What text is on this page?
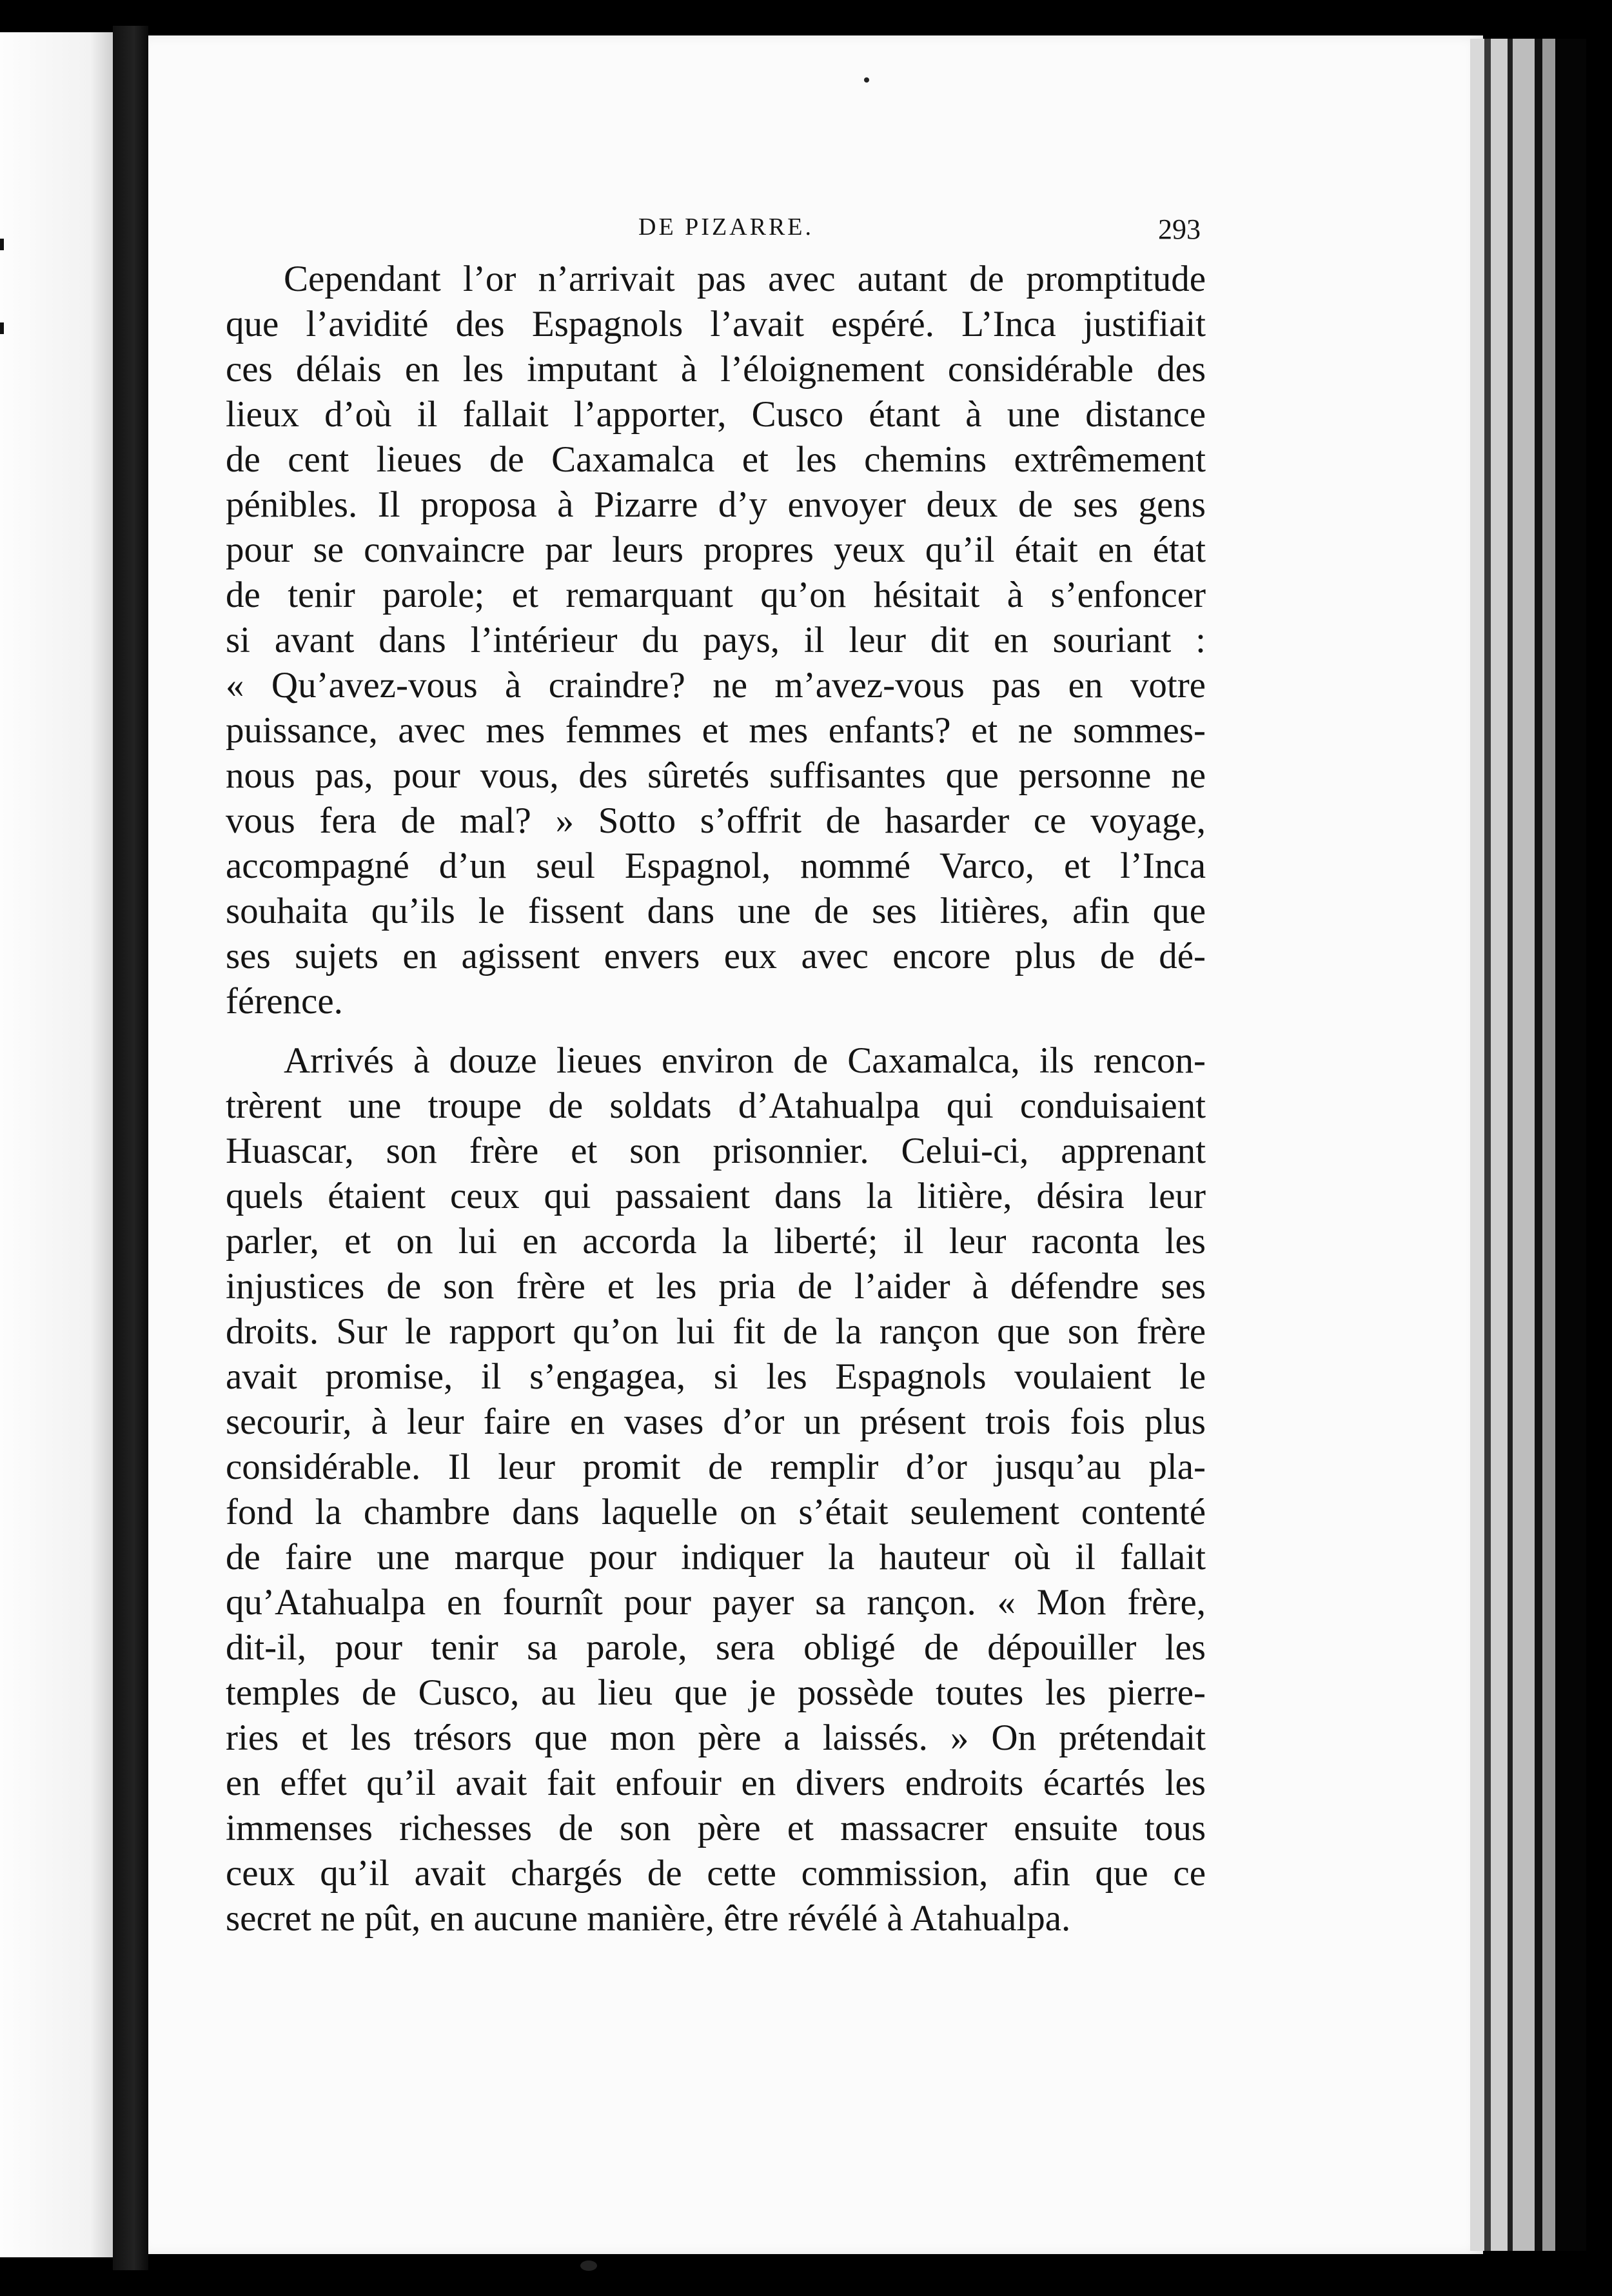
DE PIZARRE.	293
Cependant l’or n’arrivait pas avec autant de promptitude
que l’avidité des Espagnols l’avait espéré. L’Inca justifiait
ces délais en les imputant à l’éloignement considérable des
lieux d’où il fallait l’apporter, Cusco étant à une distance
de cent lieues de Caxamalca et les chemins extrêmement
pénibles. Il proposa à Pizarre d’y envoyer deux de ses gens
pour se convaincre par leurs propres yeux qu’il était en état
de tenir parole; et remarquant qu’on hésitait à s’enfoncer
si avant dans l’intérieur du pays, il leur dit en souriant :
« Qu’avez-vous à craindre? ne m’avez-vous pas en votre
puissance, avec mes femmes et mes enfants? et ne sommes-
nous pas, pour vous, des sûretés suffisantes que personne ne
vous fera de mal? » Sotto s’offrit de hasarder ce voyage,
accompagné d’un seul Espagnol, nommé Varco, et l’Inca
souhaita qu’ils le fissent dans une de ses litières, afin que
ses sujets en agissent envers eux avec encore plus de dé-
férence.
Arrivés à douze lieues environ de Caxamalca, ils rencon-
trèrent une troupe de soldats d’Atahualpa qui conduisaient
Huascar, son frère et son prisonnier. Celui-ci, apprenant
quels étaient ceux qui passaient dans la litière, désira leur
parler, et on lui en accorda la liberté; il leur raconta les
injustices de son frère et les pria de l’aider à défendre ses
droits. Sur le rapport qu’on lui fit de la rançon que son frère
avait promise, il s’engagea, si les Espagnols voulaient le
secourir, à leur faire en vases d’or un présent trois fois plus
considérable. Il leur promit de remplir d’or jusqu’au pla-
fond la chambre dans laquelle on s’était seulement contenté
de faire une marque pour indiquer la hauteur où il fallait
qu’Atahualpa en fournît pour payer sa rançon. « Mon frère,
dit-il, pour tenir sa parole, sera obligé de dépouiller les
temples de Cusco, au lieu que je possède toutes les pierre-
ries et les trésors que mon père a laissés. » On prétendait
en effet qu’il avait fait enfouir en divers endroits écartés les
immenses richesses de son père et massacrer ensuite tous
ceux qu’il avait chargés de cette commission, afin que ce
secret ne pût, en aucune manière, être révélé à Atahualpa.
